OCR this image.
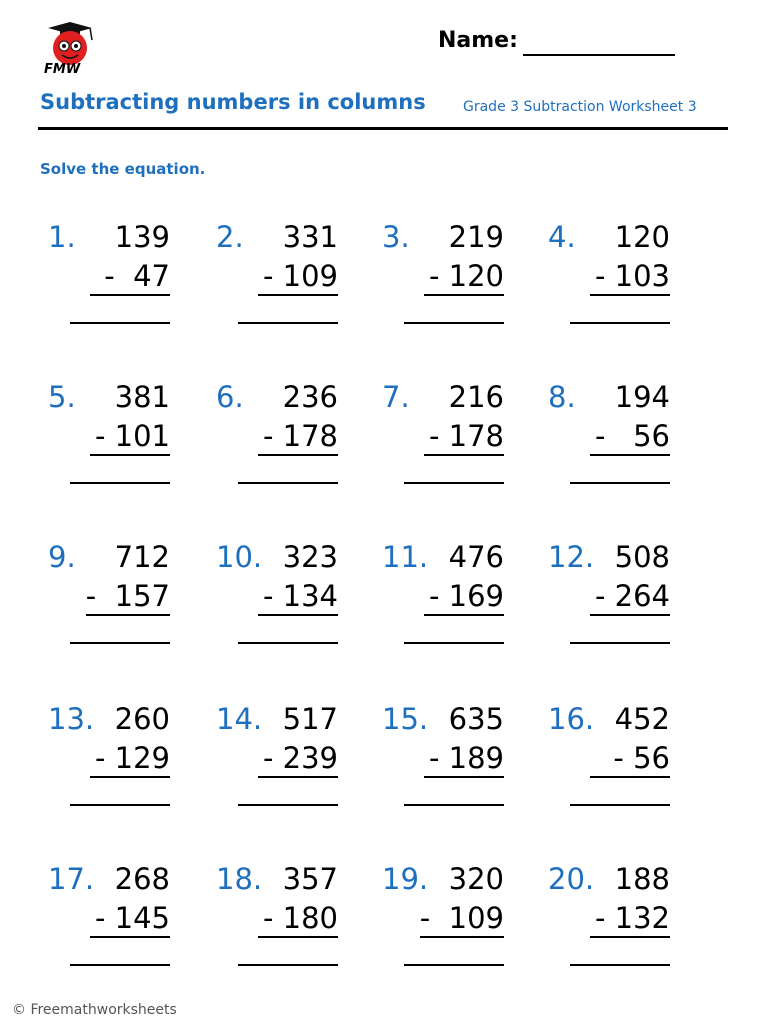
FMW
Name:
Subtracting numbers in columns	Grade 3 Subtraction Worksheet 3
Solve the equation.
1. 139
-  47
2. 331
- 109
3. 219
- 120
4. 120
- 103
5. 381
- 101
6. 236
- 178
7. 216
- 178
8. 194
-   56
9. 712
-  157
10. 323
- 134
11. 476
- 169
12. 508
- 264
13. 260
- 129
14. 517
- 239
15. 635
- 189
16. 452
- 56
17. 268
- 145
18. 357
- 180
19. 320
-  109
20. 188
- 132
© Freemathworksheets
